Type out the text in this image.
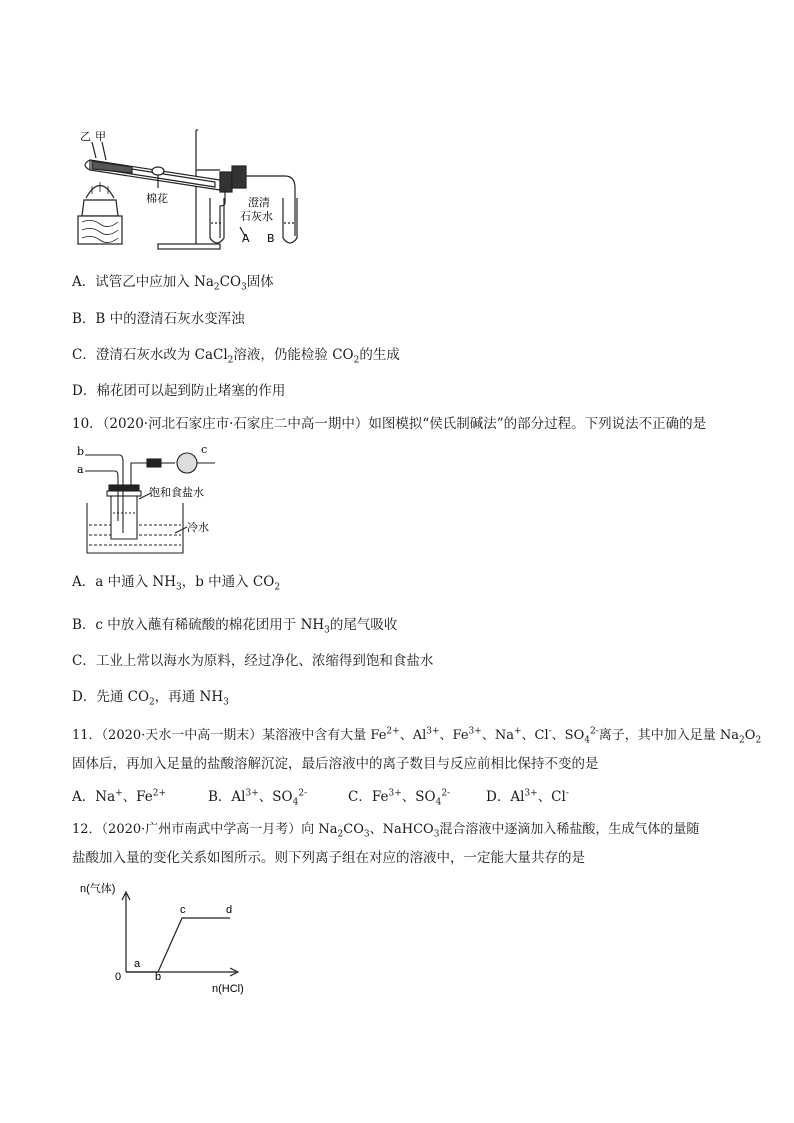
乙 甲
棉花	澄清
石灰水
A B
A．试管乙中应加入 $Na_2CO_3$固体
B．B 中的澄清石灰水变浑浊
C．澄清石灰水改为 CaCl$_2$溶液，仍能检验 $CO_2$的生成
D．棉花团可以起到防止堵塞的作用
10．（2020·河北石家庄市·石家庄二中高一期中）如图模拟“侯氏制碱法”的部分过程。下列说法不正确的是
b
a
c
饱和食盐水
冷水
A．a 中通入 $NH_3$，b 中通入 $CO_2$
B．c 中放入蘸有稀硫酸的棉花团用于 $NH_3$的尾气吸收
C．工业上常以海水为原料，经过净化、浓缩得到饱和食盐水
D．先通 $CO_2$，再通 $NH_3$
11．（2020·天水一中高一期末）某溶液中含有大量 $Fe^{2+}$、$Al^{3+}$、$Fe^{3+}$、Na+、Cl-、$SO_4^{2-}$离子，其中加入足量 $Na_2O_2$
固体后，再加入足量的盐酸溶解沉淀，最后溶液中的离子数目与反应前相比保持不变的是
A．Na+、$Fe^{2+}$	B．$Al^{3+}$、$SO_4^{2-}$	C．$Fe^{3+}$、$SO_4^{2-}$	D．$Al^{3+}$、Cl-
12．（2020·广州市南武中学高一月考）向 $Na_2CO_3$、NaHCO$_3$混合溶液中逐滴加入稀盐酸，生成气体的量随
盐酸加入量的变化关系如图所示。则下列离子组在对应的溶液中，一定能大量共存的是
n(气体)
0
a
b
c	d
n(HCl)
